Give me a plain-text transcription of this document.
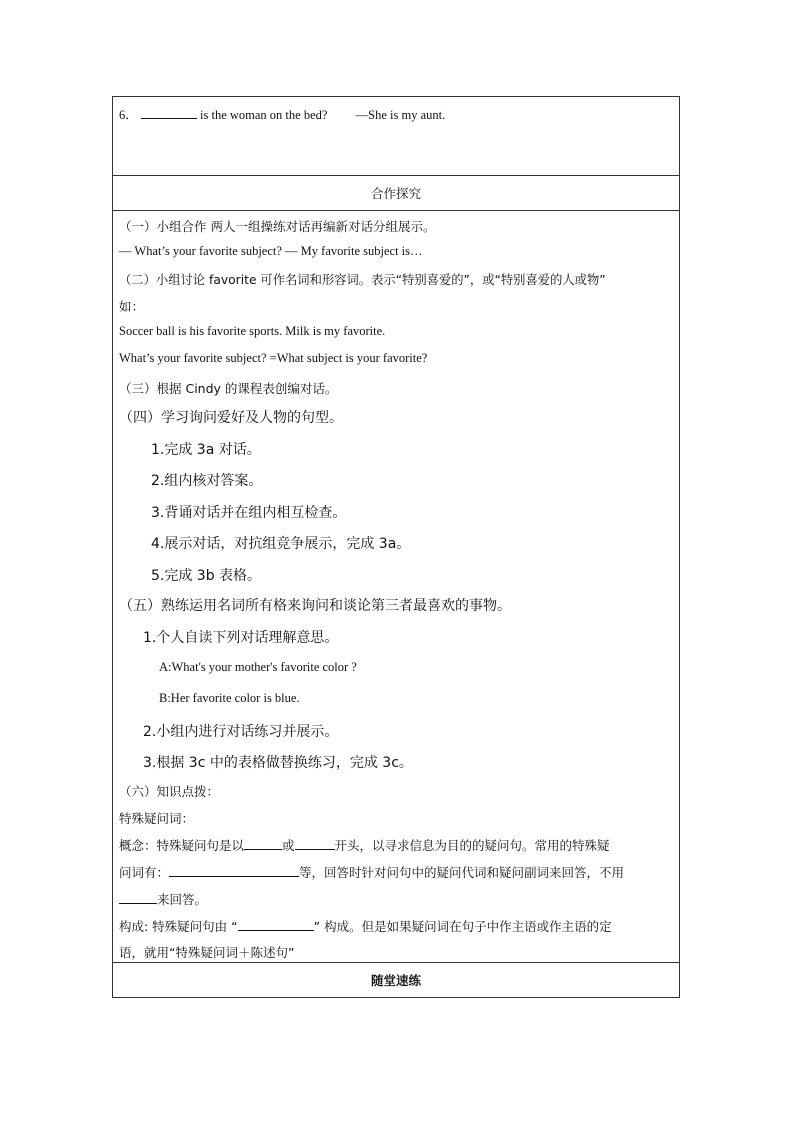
6．	is the woman on the bed? —She is my aunt.
合作探究
（一）小组合作 两人一组操练对话再编新对话分组展示。
— What’s your favorite subject? — My favorite subject is…
（二）小组讨论 favorite 可作名词和形容词。表示“特别喜爱的”，或“特别喜爱的人或物”
如：
Soccer ball is his favorite sports. Milk is my favorite.
What’s your favorite subject? =What subject is your favorite?
（三）根据 Cindy 的课程表创编对话。
（四）学习询问爱好及人物的句型。
1.完成 3a 对话。
2.组内核对答案。
3.背诵对话并在组内相互检查。
4.展示对话，对抗组竞争展示，完成 3a。
5.完成 3b 表格。
（五）熟练运用名词所有格来询问和谈论第三者最喜欢的事物。
1.个人自读下列对话理解意思。
A:What's your mother's favorite color ?
B:Her favorite color is blue.
2.小组内进行对话练习并展示。
3.根据 3c 中的表格做替换练习，完成 3c。
（六）知识点拨：
特殊疑问词：
概念：特殊疑问句是以	或	开头，以寻求信息为目的的疑问句。常用的特殊疑
问词有：	等，回答时针对问句中的疑问代词和疑问副词来回答，不用
来回答。
构成: 特殊疑问句由 “	” 构成。但是如果疑问词在句子中作主语或作主语的定
语，就用“特殊疑问词＋陈述句”
随堂速练
